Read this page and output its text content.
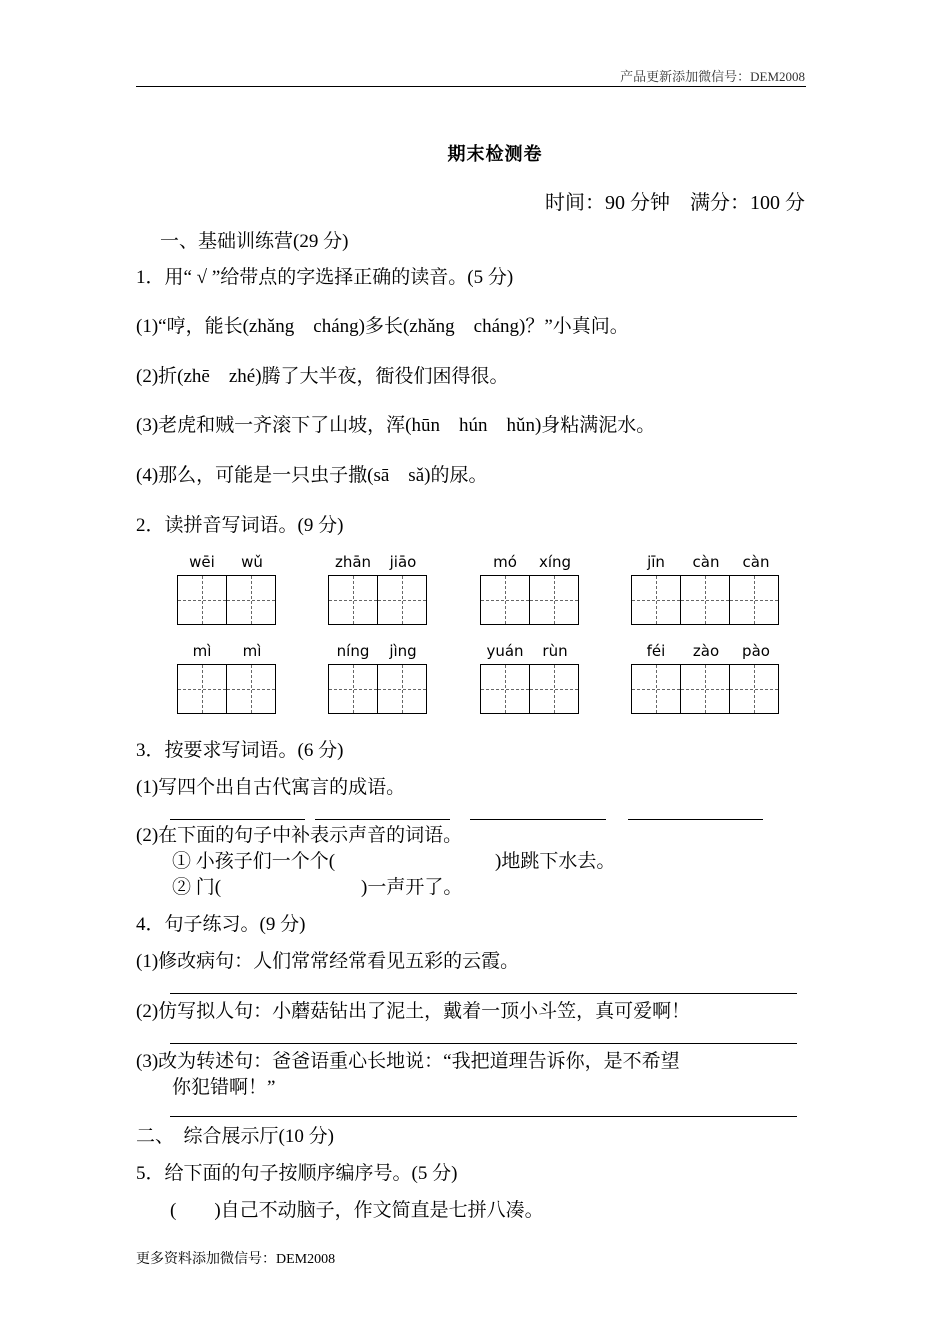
产品更新添加微信号：DEM2008
期末检测卷
时间：90 分钟　满分：100 分
一、基础训练营(29 分)
1．用“ √ ”给带点的字选择正确的读音。(5 分)
(1)“哼，能长(zhǎng　cháng)多长(zhǎng　cháng)？”小真问。
(2)折(zhē　zhé)腾了大半夜，衙役们困得很。
(3)老虎和贼一齐滚下了山坡，浑(hūn　hún　hǔn)身粘满泥水。
(4)那么，可能是一只虫子撒(sā　sǎ)的尿。
2．读拼音写词语。(9 分)
wēi	wǔ	zhān	jiāo	mó	xíng	jīn	càn	càn
mì	mì	níng	jìng	yuán	rùn	féi	zào	pào
3．按要求写词语。(6 分)
(1)写四个出自古代寓言的成语。
(2)在下面的句子中补表示声音的词语。
① 小孩子们一个个(	)地跳下水去。
② 门(	)一声开了。
4．句子练习。(9 分)
(1)修改病句：人们常常经常看见五彩的云霞。
(2)仿写拟人句：小蘑菇钻出了泥土，戴着一顶小斗笠，真可爱啊！
(3)改为转述句：爸爸语重心长地说：“我把道理告诉你，是不希望
你犯错啊！”
二、　综合展示厅(10 分)
5．给下面的句子按顺序编序号。(5 分)
(　　)自己不动脑子，作文简直是七拼八凑。
更多资料添加微信号：DEM2008
